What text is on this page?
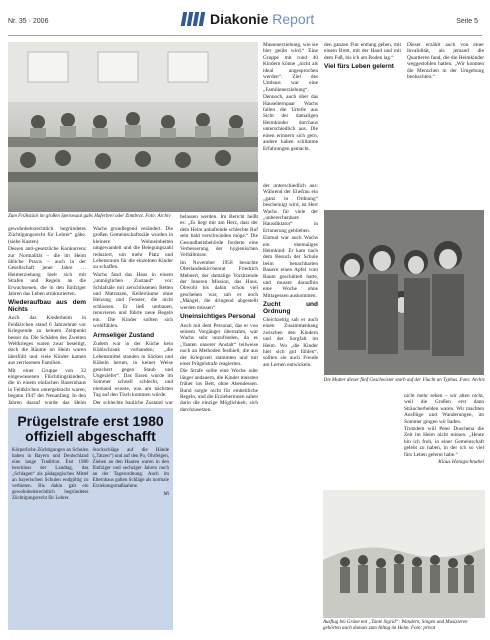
Nr. 35 · 2006	Diakonie Report	Seite 5
Zum Frühstück im großen Speisesaal gabs Haferbrei oder Zimtbrot. Foto: Archiv

gewohnheitsrechtlich begründetes Züchtigungsrecht für Lehrer“ gäbe. (siehe Kasten)

Dessen anti-gesetzliche Konkurrenz zur Normalität – die im Heim übliche Praxis – auch in der Gesellschaft jener Jahre … Heimerziehung hielt sich mit Strafen und Regeln an die Erwachsenen, die in den fünfziger Jahren das Leben strukturierten.

Wiederaufbau aus dem Nichts

Auch das Kinderheim in Feldkirchen stand 6 Jahrzehnte vor Kriegsende zu keinem Zeitpunkt besser da. Die Schäden des Zweiten Weltkrieges waren zwar beseitigt, doch die Räume im Heim waren überfüllt und viele Kinder kamen aus zerrissenen Familien.

Mit einer Gruppe von 32 eingewiesenen Flüchtlingskindern, die in einem einfachen Bauernhaus in Feldkirchen untergebracht waren, begann 1947 der Neuanfang. In den Jahren darauf wurde das Heim

Wachs grundlegend verändert. Die großen Gemeinschaftssäle wurden in kleinere Wohneinheiten umgewandelt und die Belegungszahl reduziert, um mehr Platz und Lebensraum für die einzelnen Kinder zu schaffen.

Wachs fand das Haus in einem „unmöglichen Zustand“ vor: Schlafsäle mit zerschlissenen Betten und Matratzen, Kellerräume ohne Heizung und Fenster, die nicht schlossen. Er ließ umbauen, renovieren und führte neue Regeln ein. Die Kinder sollten sich wohlfühlen.

Armseliger Zustand

Zudem war in der Küche kein Kühlschrank vorhanden; „die Lebensmittel standen in Säcken und Kübeln herum, in keiner Weise gesichert gegen Staub und Ungeziefer“. Das Essen wurde im Sommer schnell schlecht, und niemand wusste, was am nächsten Tag auf den Tisch kommen würde.

Der schlechte bauliche Zustand war

Prügelstrafe erst 1980 offiziell abgeschafft

Körperliche Züchtigungen an Schulen haben in Bayern und Deutschland eine lange Tradition. Erst 1980 beschloss der Landtag, das „Schlagen“ als pädagogisches Mittel an bayerischen Schulen endgültig zu verbieten. Bis dahin galt ein gewohnheitsrechtlich begründetes Züchtigungsrecht für Lehrer.

Stockschläge auf die Hände („Tatzen“) und auf den Po, Ohrfeigen, Ziehen an den Haaren waren in den fünfziger und sechziger Jahren noch an der Tagesordnung. Auch im Elternhaus galten Schläge als normale Erziehungsmaßnahme.

Mi

belassen werden. Im Bericht heißt es: „Es liegt mir am Herz, dass der dem Heim anhaftende schlechte Ruf sehr bald verschwinden möge.“ Die Gesundheitsbehörde forderte eine Verbesserung der hygienischen Verhältnisse.

Im November 1958 besuchte Oberlandeskirchenrat Friedrich Mehnert, der damalige Vorsitzende der Inneren Mission, das Haus. Obwohl bis dahin schon viel geschehen war, sah er noch „Mängel, die dringend abgestellt werden müssen“.

Uneinsichtiges Personal

Auch mit dem Personal, das er von seinem Vorgänger übernahm, war Wachs sehr unzufrieden, da es „Tanten unserer Anstalt“ teilweise noch an Methoden festhielt, die aus der Kriegszeit stammten und mit einer Prügelstrafe reagierten.

Die Strafe sollte eine Woche oder länger andauern, die Kinder mussten früher ins Bett, ohne Abendessen. Bund sorgte nicht für einheitliche Regeln, und die Erzieherinnen sahen darin die einzige Möglichkeit, sich durchzusetzen.

Massenerziehung, wie sie hier geübt wird.“ Eine Gruppe mit rund 40 Kindern könne „nicht als ideal angesprochen werden“. Ziel des Umbaus war eine „Familienerziehung“.

Dennoch, auch über das Hauselternpaar Wachs fallen die Urteile aus Sicht der damaligen Heimkinder durchaus unterschiedlich aus. Die einen erinnern sich gern, andere haben schlimme Erfahrungen gemacht.

der unterschiedlich aus: Während der Ehefrau ein „ganz in Ordnung“ bescheinigt wird, ist Herr Wachs für viele der „unberechenbare Hausdiktator“ in Erinnerung geblieben.

Einmal war auch Wachs ein ehemaliges Heimkind: Er kam nach dem Besuch der Schule beim benachbarten Bauern einen Apfel vom Baum geschüttelt hatte, und musste daraufhin eine Woche ohne Mittagessen auskommen.

Zucht und Ordnung

Gleichzeitig sah er auch einen Zusammenhang zwischen den Kindern und der Sorgfalt im Heim. Wo „die Kinder hier sich gut fühlen“, sollten sie auch Freude am Lernen entwickeln.

den ganzen Flur entlang gehen, mit einem Brett, mit der Hand und mit dem Fuß, bis ich am Boden lag.“

Viel fürs Leben gelernt

Dieser erzählt auch von einer Invalidität, als jemand die Quartieren fand, die die Heimkinder weggestohlen hatten. „Wir konnten die Menschen in der Umgebung beobachten.“

Die Mutter dieser fünf Geschwister starb auf der Flucht an Typhus. Foto: Archiv

nicht mehr sehen – wir alten nicht, weil die Großen erst dann Sträucherhelden waren. Wir machten Ausflüge und Wanderungen, im Sommer gingen wir baden.

Trotzdem will Peter Duschena die Zeit im Heim nicht missen. „Heute bin ich froh, in einer Gemeinschaft gelebt zu haben, in der ich so viel fürs Leben gelernt habe.“

Klaus Honigschnabel

Ausflug bei Grüne mit „Tante Sigrid“: Wandern, Singen und Musizieren gehörten auch damals zum Alltag im Heim. Foto: privat
